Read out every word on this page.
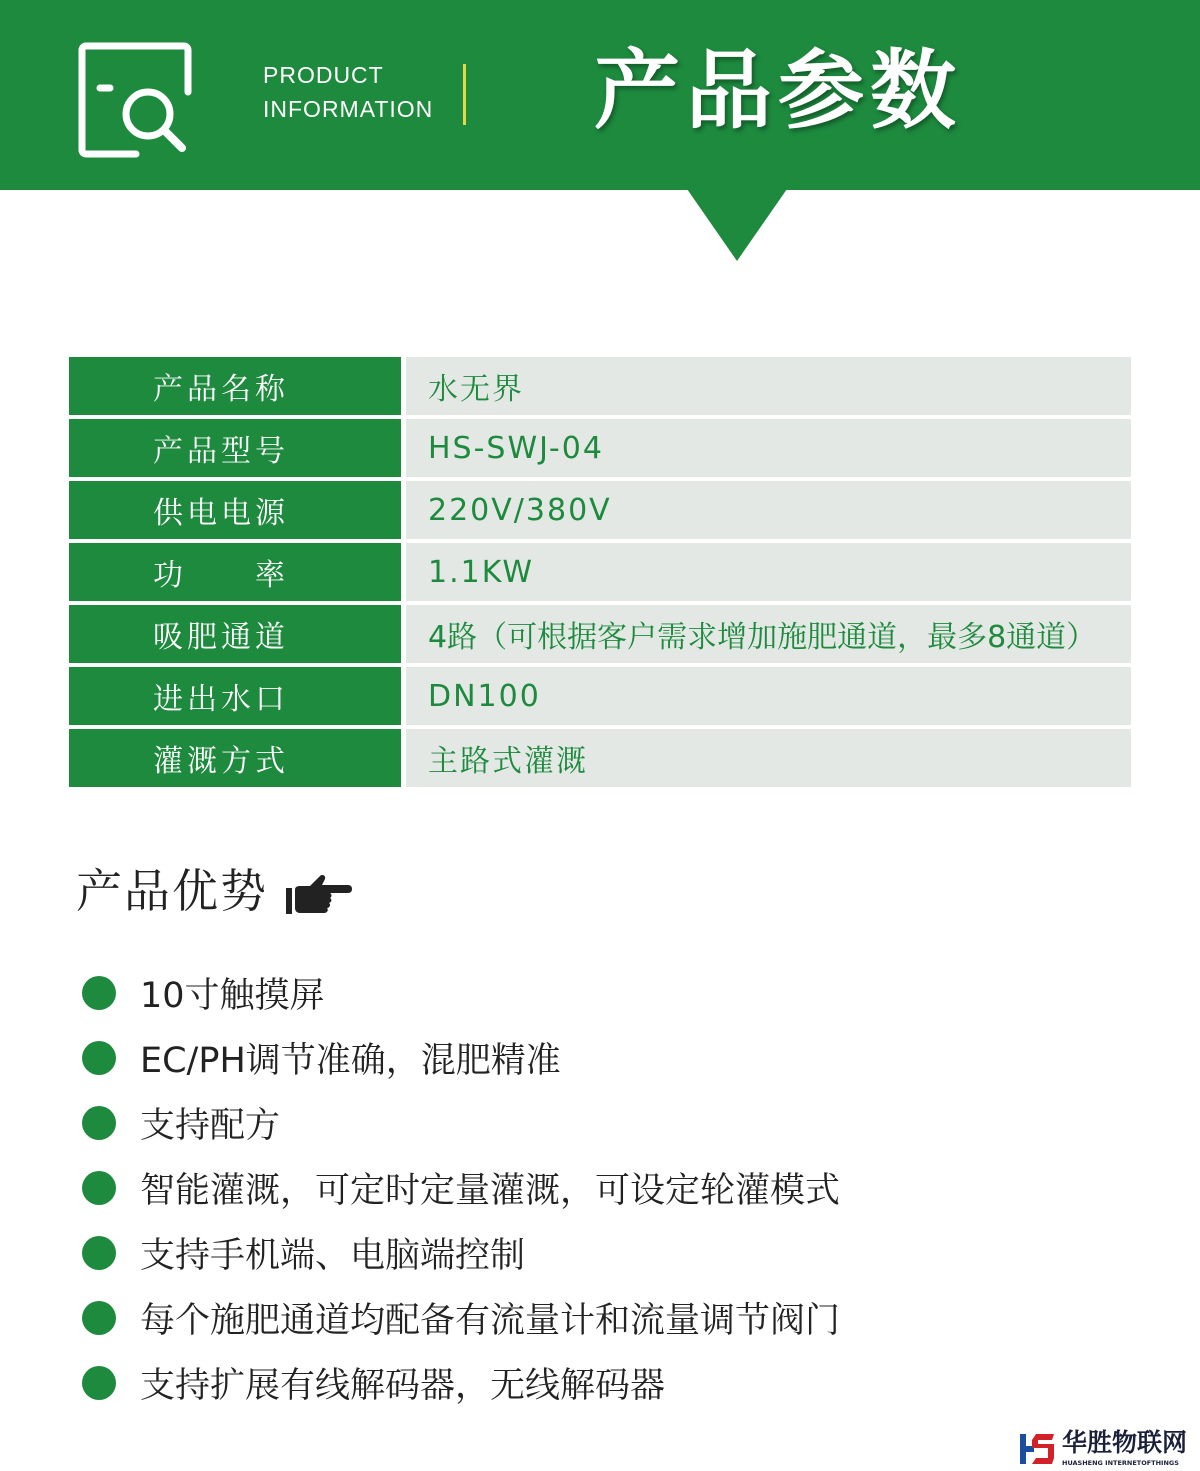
PRODUCT
INFORMATION 产品参数
产品名称	水无界
产品型号	HS-SWJ-04
供电电源	220V/380V
功　　率	1.1KW
吸肥通道	4路（可根据客户需求增加施肥通道，最多8通道）
进出水口	DN100
灌溉方式	主路式灌溉
产品优势
10寸触摸屏
EC/PH调节准确，混肥精准
支持配方
智能灌溉，可定时定量灌溉，可设定轮灌模式
支持手机端、电脑端控制
每个施肥通道均配备有流量计和流量调节阀门
支持扩展有线解码器，无线解码器
华胜物联网
HUASHENG INTERNETOFTHINGS
